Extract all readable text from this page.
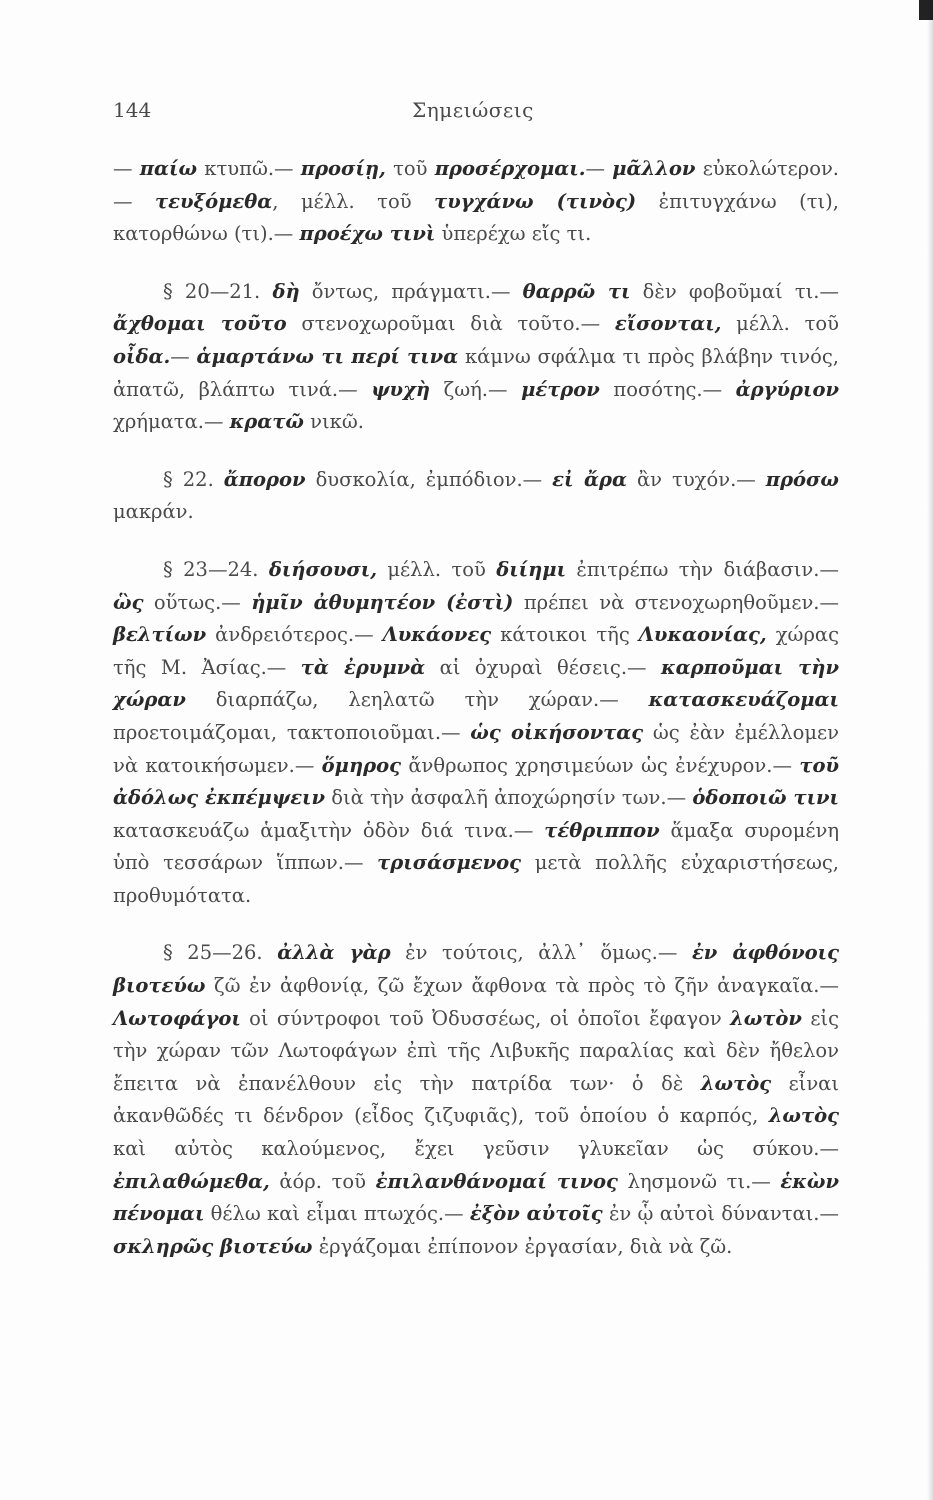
144	Σημειώσεις

— παίω κτυπῶ.— προσίῃ, τοῦ προσέρχομαι.— μᾶλλον εὐκολώτερον.— τευξόμεθα, μέλλ. τοῦ τυγχάνω (τινὸς) ἐπιτυγχάνω (τι), κατορθώνω (τι).— προέχω τινὶ ὑπερέχω εἴς τι.

§ 20—21. δὴ ὄντως, πράγματι.— θαρρῶ τι δὲν φοβοῦμαί τι.— ἄχθομαι τοῦτο στενοχωροῦμαι διὰ τοῦτο.— εἴσονται, μέλλ. τοῦ οἶδα.— ἁμαρτάνω τι περί τινα κάμνω σφάλμα τι πρὸς βλάβην τινός, ἀπατῶ, βλάπτω τινά.— ψυχὴ ζωή.— μέτρον ποσότης.— ἀργύριον χρήματα.— κρατῶ νικῶ.

§ 22. ἄπορον δυσκολία, ἐμπόδιον.— εἰ ἄρα ἂν τυχόν.— πρόσω μακράν.

§ 23—24. διήσουσι, μέλλ. τοῦ διίημι ἐπιτρέπω τὴν διάβασιν.— ὣς οὕτως.— ἡμῖν ἀθυμητέον (ἐστὶ) πρέπει νὰ στενοχωρηθοῦμεν.— βελτίων ἀνδρειότερος.— Λυκάονες κάτοικοι τῆς Λυκαονίας, χώρας τῆς Μ. Ἀσίας.— τὰ ἐρυμνὰ αἱ ὀχυραὶ θέσεις.— καρποῦμαι τὴν χώραν διαρπάζω, λεηλατῶ τὴν χώραν.— κατασκευάζομαι προετοιμάζομαι, τακτοποιοῦμαι.— ὡς οἰκήσοντας ὡς ἐὰν ἐμέλλομεν νὰ κατοικήσωμεν.— ὅμηρος ἄνθρωπος χρησιμεύων ὡς ἐνέχυρον.— τοῦ ἀδόλως ἐκπέμψειν διὰ τὴν ἀσφαλῆ ἀποχώρησίν των.— ὁδοποιῶ τινι κατασκευάζω ἁμαξιτὴν ὁδὸν διά τινα.— τέθριππον ἅμαξα συρομένη ὑπὸ τεσσάρων ἵππων.— τρισάσμενος μετὰ πολλῆς εὐχαριστήσεως, προθυμότατα.

§ 25—26. ἀλλὰ γὰρ ἐν τούτοις, ἀλλ᾽ ὅμως.— ἐν ἀφθόνοις βιοτεύω ζῶ ἐν ἀφθονίᾳ, ζῶ ἔχων ἄφθονα τὰ πρὸς τὸ ζῆν ἀναγκαῖα.— Λωτοφάγοι οἱ σύντροφοι τοῦ Ὀδυσσέως, οἱ ὁποῖοι ἔφαγον λωτὸν εἰς τὴν χώραν τῶν Λωτοφάγων ἐπὶ τῆς Λιβυκῆς παραλίας καὶ δὲν ἤθελον ἔπειτα νὰ ἐπανέλθουν εἰς τὴν πατρίδα των· ὁ δὲ λωτὸς εἶναι ἀκανθῶδές τι δένδρον (εἶδος ζιζυφιᾶς), τοῦ ὁποίου ὁ καρπός, λωτὸς καὶ αὐτὸς καλούμενος, ἔχει γεῦσιν γλυκεῖαν ὡς σύκου.— ἐπιλαθώμεθα, ἀόρ. τοῦ ἐπιλανθάνομαί τινος λησμονῶ τι.— ἑκὼν πένομαι θέλω καὶ εἶμαι πτωχός.— ἐξὸν αὐτοῖς ἐν ᾧ αὐτοὶ δύνανται.— σκληρῶς βιοτεύω ἐργάζομαι ἐπίπονον ἐργασίαν, διὰ νὰ ζῶ.
